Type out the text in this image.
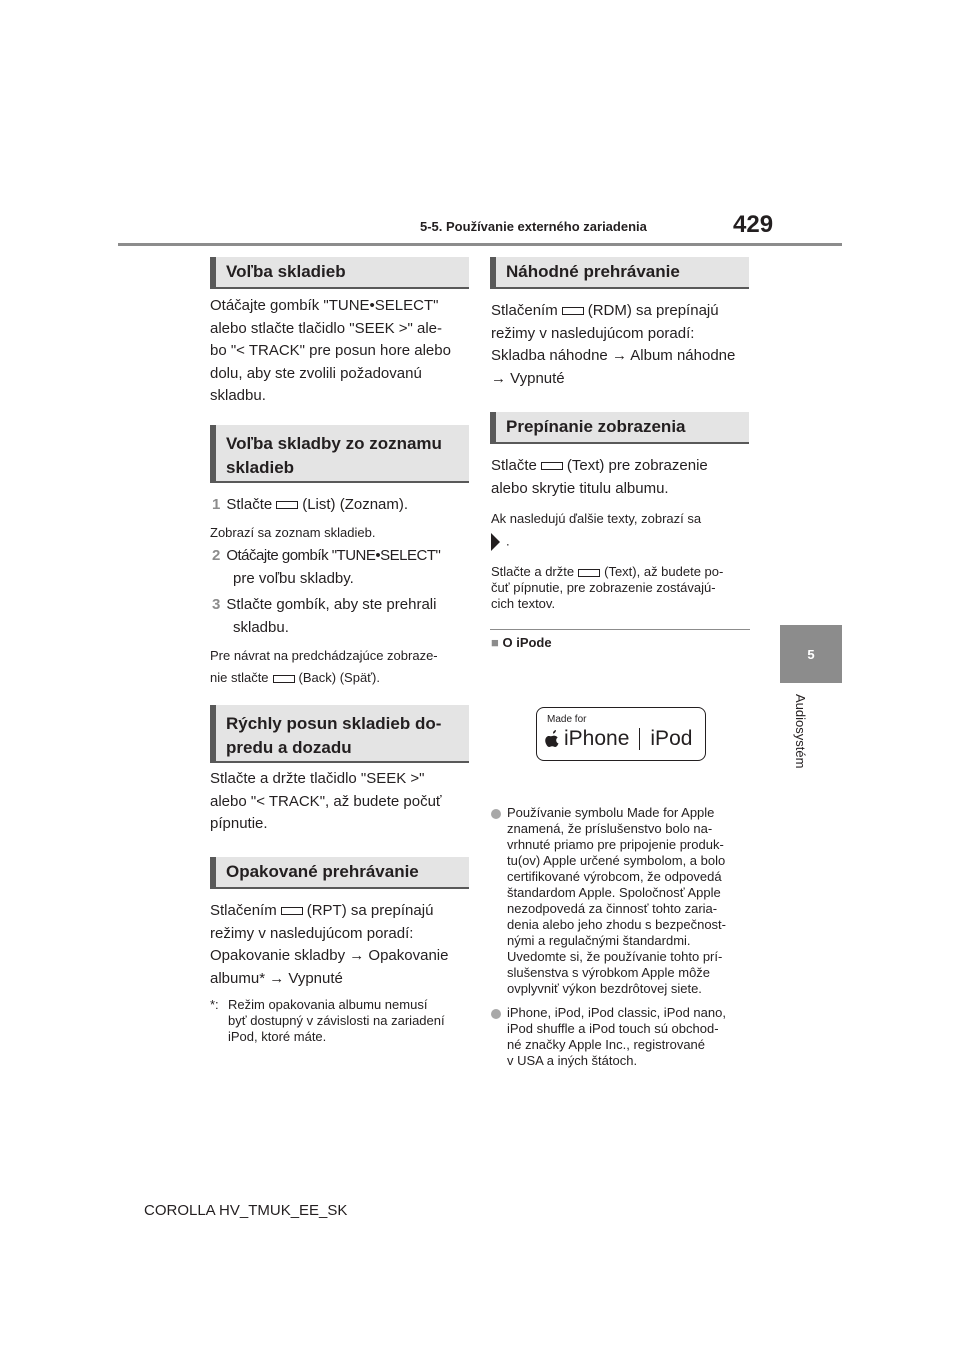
5-5. Používanie externého zariadenia	429
5
Audiosystém
Voľba skladieb
Otáčajte gombík "TUNE•SELECT"
alebo stlačte tlačidlo "SEEK >" ale-
bo "< TRACK" pre posun hore alebo
dolu, aby ste zvolili požadovanú
skladbu.
Voľba skladby zo zoznamu
skladieb
1 Stlačte (List) (Zoznam).
Zobrazí sa zoznam skladieb.
2 Otáčajte gombík "TUNE•SELECT"
pre voľbu skladby.
3 Stlačte gombík, aby ste prehrali
skladbu.
Pre návrat na predchádzajúce zobraze-
nie stlačte (Back) (Späť).
Rýchly posun skladieb do-
predu a dozadu
Stlačte a držte tlačidlo "SEEK >"
alebo "< TRACK", až budete počuť
pípnutie.
Opakované prehrávanie
Stlačením (RPT) sa prepínajú
režimy v nasledujúcom poradí:
Opakovanie skladby → Opakovanie
albumu* → Vypnuté
*: Režim opakovania albumu nemusí
byť dostupný v závislosti na zariadení
iPod, ktoré máte.
Náhodné prehrávanie
Stlačením (RDM) sa prepínajú
režimy v nasledujúcom poradí:
Skladba náhodne → Album náhodne
→ Vypnuté
Prepínanie zobrazenia
Stlačte (Text) pre zobrazenie
alebo skrytie titulu albumu.
Ak nasledujú ďalšie texty, zobrazí sa
.
Stlačte a držte (Text), až budete po-
čuť pípnutie, pre zobrazenie zostávajú-
cich textov.
■ O iPode
Made for
iPhone iPod
Používanie symbolu Made for Apple
znamená, že príslušenstvo bolo na-
vrhnuté priamo pre pripojenie produk-
tu(ov) Apple určené symbolom, a bolo
certifikované výrobcom, že odpovedá
štandardom Apple. Spoločnosť Apple
nezodpovedá za činnosť tohto zaria-
denia alebo jeho zhodu s bezpečnost-
nými a regulačnými štandardmi.
Uvedomte si, že používanie tohto prí-
slušenstva s výrobkom Apple môže
ovplyvniť výkon bezdrôtovej siete.
iPhone, iPod, iPod classic, iPod nano,
iPod shuffle a iPod touch sú obchod-
né značky Apple Inc., registrované
v USA a iných štátoch.
COROLLA HV_TMUK_EE_SK
